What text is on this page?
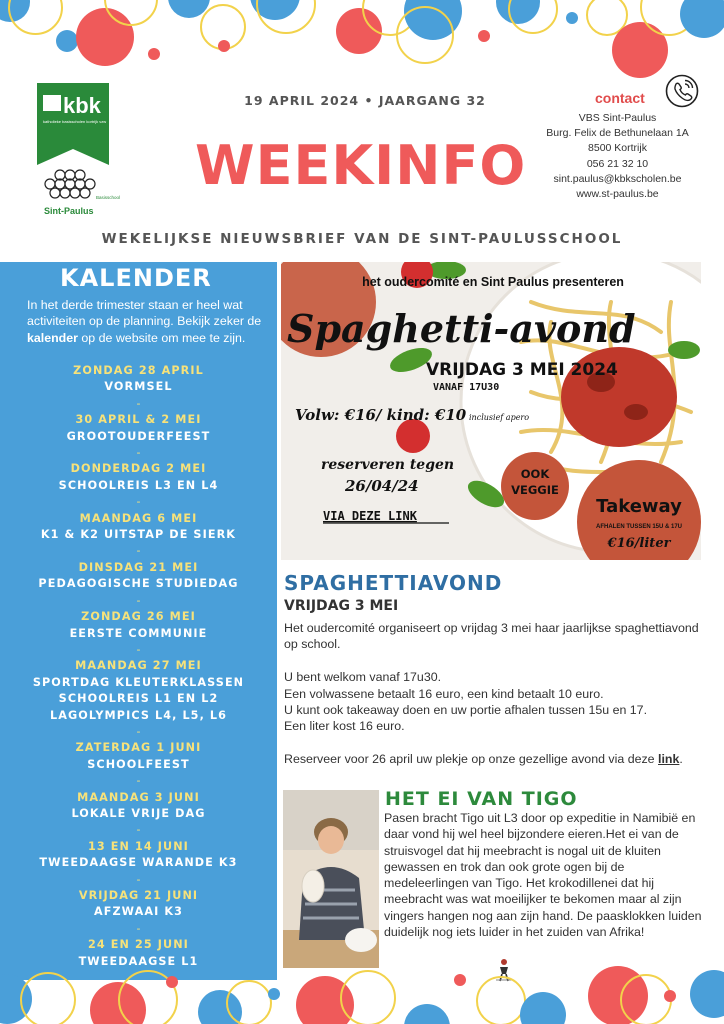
kbk
katholieke basisscholen kortrijk vzw
Basisschool
Sint-Paulus
19 APRIL 2024 • JAARGANG 32
WEEKINFO
contact
VBS Sint-Paulus
Burg. Felix de Bethunelaan 1A
8500 Kortrijk
056 21 32 10
sint.paulus@kbkscholen.be
www.st-paulus.be
WEKELIJKSE NIEUWSBRIEF VAN DE SINT-PAULUSSCHOOL
KALENDER
In het derde trimester staan er heel wat activiteiten op de planning. Bekijk zeker de kalender op de website om mee te zijn.
ZONDAG 28 APRIL
VORMSEL
-
30 APRIL & 2 MEI
GROOTOUDERFEEST
-
DONDERDAG 2 MEI
SCHOOLREIS L3 EN L4
-
MAANDAG 6 MEI
K1 & K2 UITSTAP DE SIERK
-
DINSDAG 21 MEI
PEDAGOGISCHE STUDIEDAG
-
ZONDAG 26 MEI
EERSTE COMMUNIE
-
MAANDAG 27 MEI
SPORTDAG KLEUTERKLASSEN
SCHOOLREIS L1 EN L2
LAGOLYMPICS L4, L5, L6
-
ZATERDAG 1 JUNI
SCHOOLFEEST
-
MAANDAG 3 JUNI
LOKALE VRIJE DAG
-
13 EN 14 JUNI
TWEEDAAGSE WARANDE K3
-
VRIJDAG 21 JUNI
AFZWAAI K3
-
24 EN 25 JUNI
TWEEDAAGSE L1
het oudercomité en Sint Paulus presenteren
Spaghetti-avond
VRIJDAG 3 MEI 2024
VANAF 17U30
Volw: €16/ kind: €10 inclusief apero
reserveren tegen
26/04/24
VIA DEZE LINK
OOK
VEGGIE
Takeway
AFHALEN TUSSEN 15U & 17U
€16/liter
SPAGHETTIAVOND
VRIJDAG 3 MEI

Het oudercomité organiseert op vrijdag 3 mei haar jaarlijkse spaghettiavond op school.

U bent welkom vanaf 17u30.

Een volwassene betaalt 16 euro, een kind betaalt 10 euro.

U kunt ook takeaway doen en uw portie afhalen tussen 15u en 17.

Een liter kost 16 euro.

Reserveer voor 26 april uw plekje op onze gezellige avond via deze link.

HET EI VAN TIGO
Pasen bracht Tigo uit L3 door op expeditie in Namibië en daar vond hij wel heel bijzondere eieren.Het ei van de struisvogel dat hij meebracht is nogal uit de kluiten gewassen en trok dan ook grote ogen bij de medeleerlingen van Tigo. Het krokodillenei dat hij meebracht was wat moeilijker te bekomen maar al zijn vingers hangen nog aan zijn hand. De paasklokken luiden duidelijk nog iets luider in het zuiden van Afrika!
